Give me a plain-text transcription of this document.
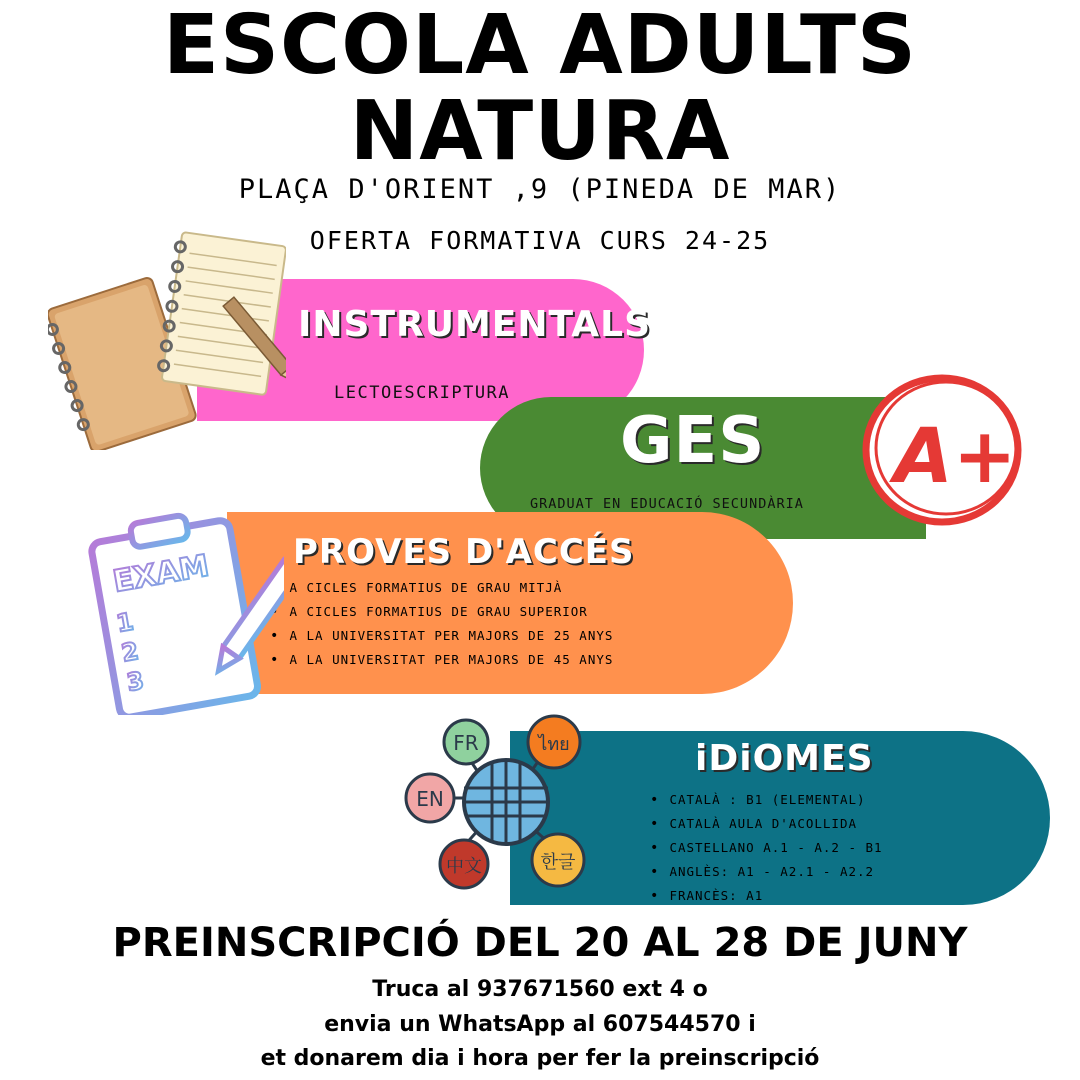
ESCOLA ADULTS
NATURA
PLAÇA D'ORIENT ,9 (PINEDA DE MAR)
OFERTA FORMATIVA CURS 24-25
INSTRUMENTALS
LECTOESCRIPTURA
GES
GRADUAT EN EDUCACIÓ SECUNDÀRIA
A+
PROVES D'ACCÉS
• A CICLES FORMATIUS DE GRAU MITJÀ
• A CICLES FORMATIUS DE GRAU SUPERIOR
• A LA UNIVERSITAT PER MAJORS DE 25 ANYS
• A LA UNIVERSITAT PER MAJORS DE 45 ANYS
EXAM
1
2
3
iDiOMES
• CATALÀ : B1 (ELEMENTAL)
• CATALÀ AULA D'ACOLLIDA
• CASTELLANO A.1 - A.2 - B1
• ANGLÈS: A1 - A2.1 - A2.2
• FRANCÈS: A1
FR	ไทย
EN
中文	한글
PREINSCRIPCIÓ DEL 20 AL 28 DE JUNY
Truca al 937671560 ext 4 o
envia un WhatsApp al 607544570 i
et donarem dia i hora per fer la preinscripció
